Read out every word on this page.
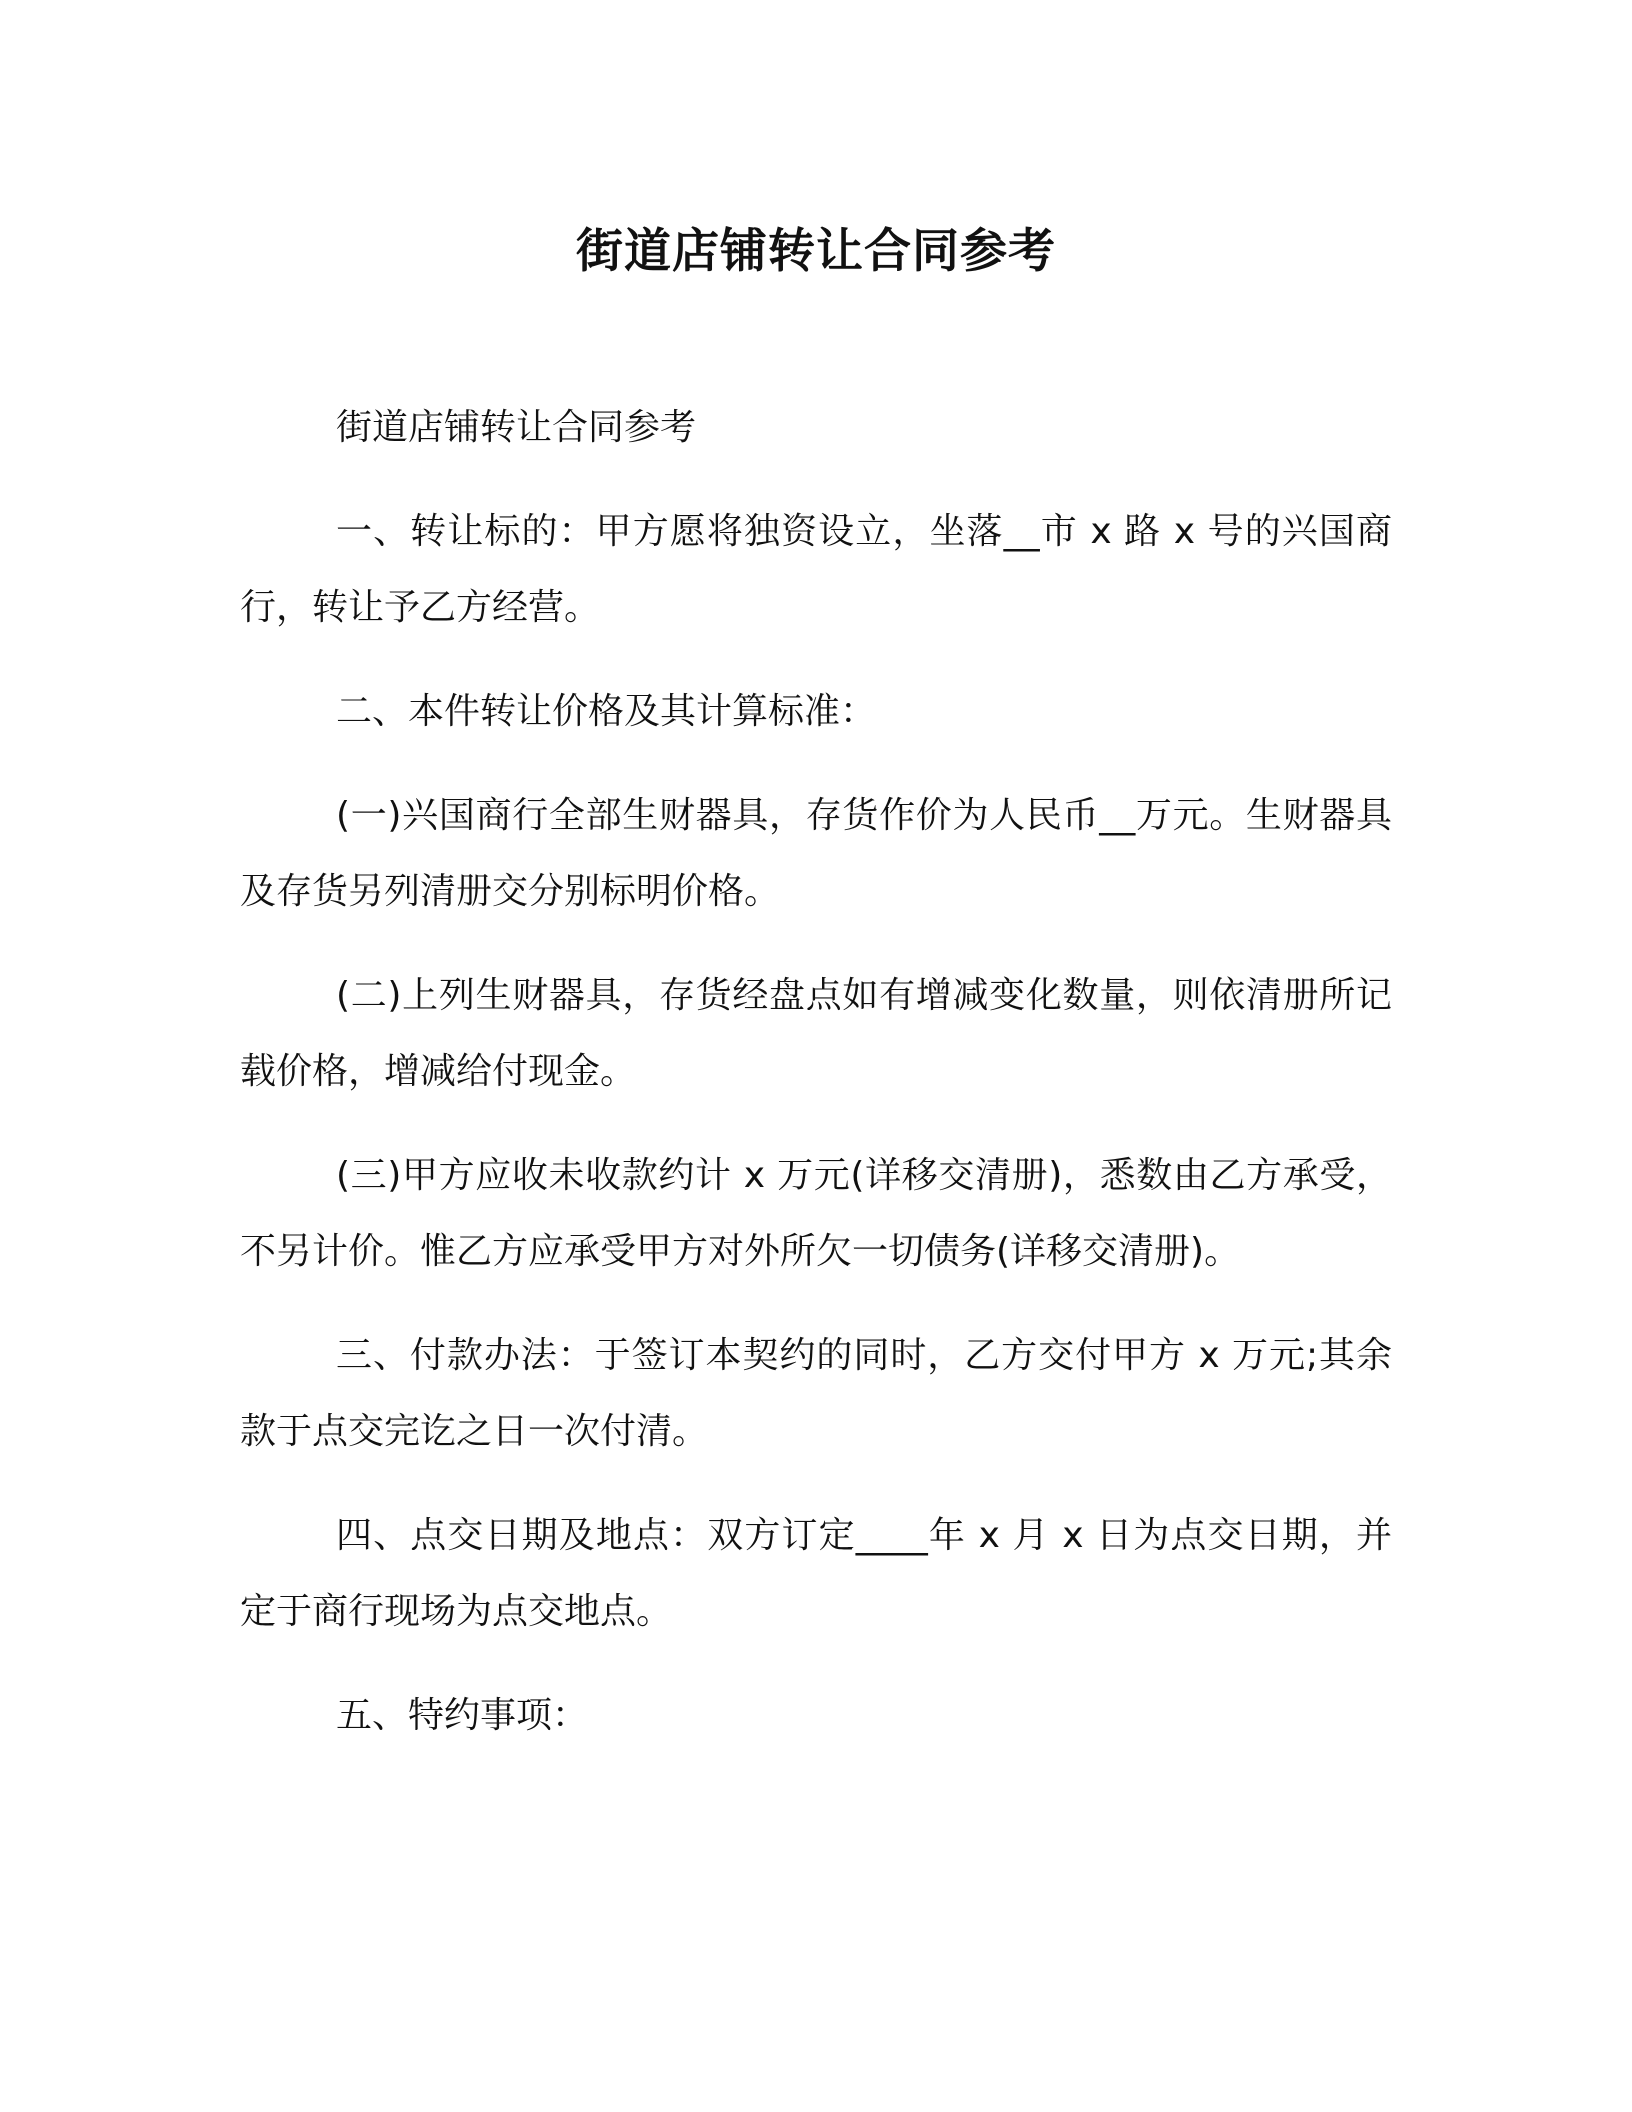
街道店铺转让合同参考

街道店铺转让合同参考

一、转让标的：甲方愿将独资设立，坐落__市 x 路 x 号的兴国商行，转让予乙方经营。

二、本件转让价格及其计算标准：

(一)兴国商行全部生财器具，存货作价为人民币__万元。生财器具及存货另列清册交分别标明价格。

(二)上列生财器具，存货经盘点如有增减变化数量，则依清册所记载价格，增减给付现金。

(三)甲方应收未收款约计 x 万元(详移交清册)，悉数由乙方承受，不另计价。惟乙方应承受甲方对外所欠一切债务(详移交清册)。

三、付款办法：于签订本契约的同时，乙方交付甲方 x 万元;其余款于点交完讫之日一次付清。

四、点交日期及地点：双方订定____年 x 月 x 日为点交日期，并定于商行现场为点交地点。

五、特约事项：
